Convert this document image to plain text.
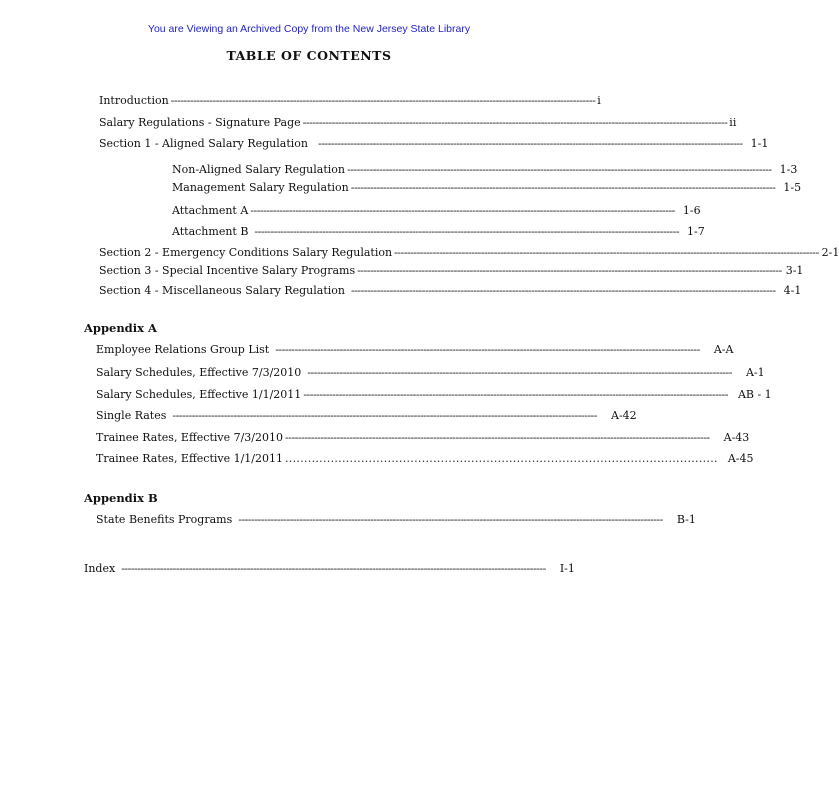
You are Viewing an Archived Copy from the New Jersey State Library
TABLE OF CONTENTS
Introduction ------------------------------------------------------------------------------------------------------------------------------------ i
Salary Regulations - Signature Page ------------------------------------------------------------------------------------------------------------------------------------ ii
Section 1 - Aligned Salary Regulation ------------------------------------------------------------------------------------------------------------------------------------ 1-1
Non-Aligned Salary Regulation ------------------------------------------------------------------------------------------------------------------------------------ 1-3
Management Salary Regulation ------------------------------------------------------------------------------------------------------------------------------------ 1-5
Attachment A ------------------------------------------------------------------------------------------------------------------------------------ 1-6
Attachment B ------------------------------------------------------------------------------------------------------------------------------------ 1-7
Section 2 - Emergency Conditions Salary Regulation ------------------------------------------------------------------------------------------------------------------------------------ 2-1
Section 3 - Special Incentive Salary Programs ------------------------------------------------------------------------------------------------------------------------------------ 3-1
Section 4 - Miscellaneous Salary Regulation ------------------------------------------------------------------------------------------------------------------------------------ 4-1
Appendix A
Employee Relations Group List ------------------------------------------------------------------------------------------------------------------------------------ A-A
Salary Schedules, Effective 7/3/2010 ------------------------------------------------------------------------------------------------------------------------------------ A-1
Salary Schedules, Effective 1/1/2011 ------------------------------------------------------------------------------------------------------------------------------------ AB - 1
Single Rates ------------------------------------------------------------------------------------------------------------------------------------ A-42
Trainee Rates, Effective 7/3/2010 ------------------------------------------------------------------------------------------------------------------------------------ A-43
Trainee Rates, Effective 1/1/2011 .................................................................................................................. A-45
Appendix B
State Benefits Programs ------------------------------------------------------------------------------------------------------------------------------------ B-1
Index ------------------------------------------------------------------------------------------------------------------------------------ I-1
